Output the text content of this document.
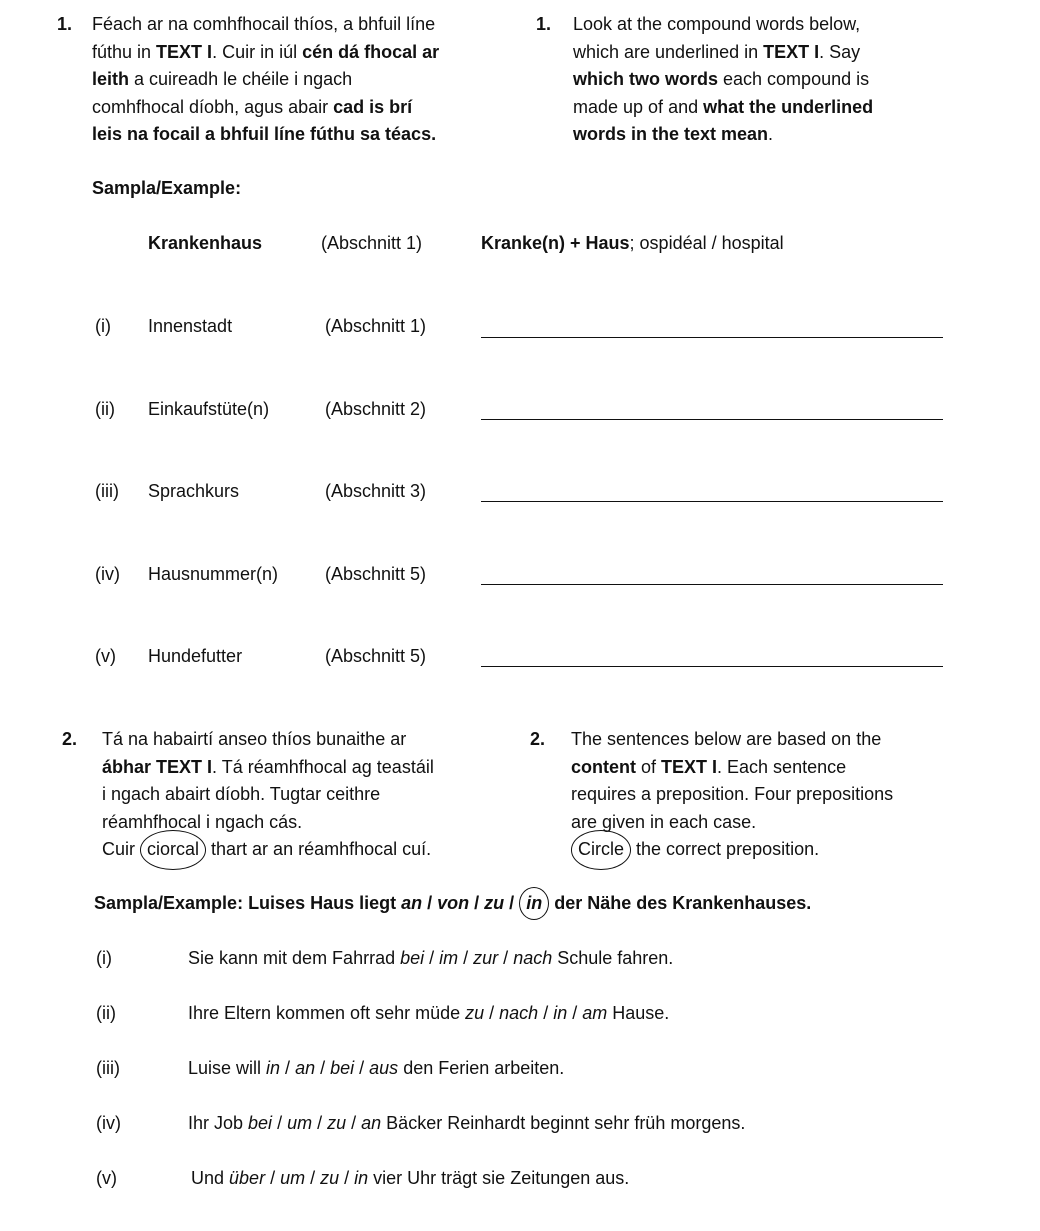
1. Féach ar na comhfhocail thíos, a bhfuil líne
fúthu in TEXT I. Cuir in iúl cén dá fhocal ar
leith a cuireadh le chéile i ngach
comhfhocal díobh, agus abair cad is brí
leis na focail a bhfuil líne fúthu sa téacs.
1. Look at the compound words below,
which are underlined in TEXT I. Say
which two words each compound is
made up of and what the underlined
words in the text mean.
Sampla/Example:
Krankenhaus	(Abschnitt 1)	Kranke(n) + Haus; ospidéal / hospital
(i) Innenstadt	(Abschnitt 1)
(ii) Einkaufstüte(n)	(Abschnitt 2)
(iii) Sprachkurs	(Abschnitt 3)
(iv) Hausnummer(n)	(Abschnitt 5)
(v) Hundefutter	(Abschnitt 5)
2. Tá na habairtí anseo thíos bunaithe ar
ábhar TEXT I. Tá réamhfhocal ag teastáil
i ngach abairt díobh. Tugtar ceithre
réamhfhocal i ngach cás.
Cuir ciorcal thart ar an réamhfhocal cuí.
2. The sentences below are based on the
content of TEXT I. Each sentence
requires a preposition. Four prepositions
are given in each case.
Circle the correct preposition.
Sampla/Example: Luises Haus liegt an / von / zu / in der Nähe des Krankenhauses.
(i)	Sie kann mit dem Fahrrad bei / im / zur / nach Schule fahren.
(ii)	Ihre Eltern kommen oft sehr müde zu / nach / in / am Hause.
(iii)	Luise will in / an / bei / aus den Ferien arbeiten.
(iv)	Ihr Job bei / um / zu / an Bäcker Reinhardt beginnt sehr früh morgens.
(v)	Und über / um / zu / in vier Uhr trägt sie Zeitungen aus.
